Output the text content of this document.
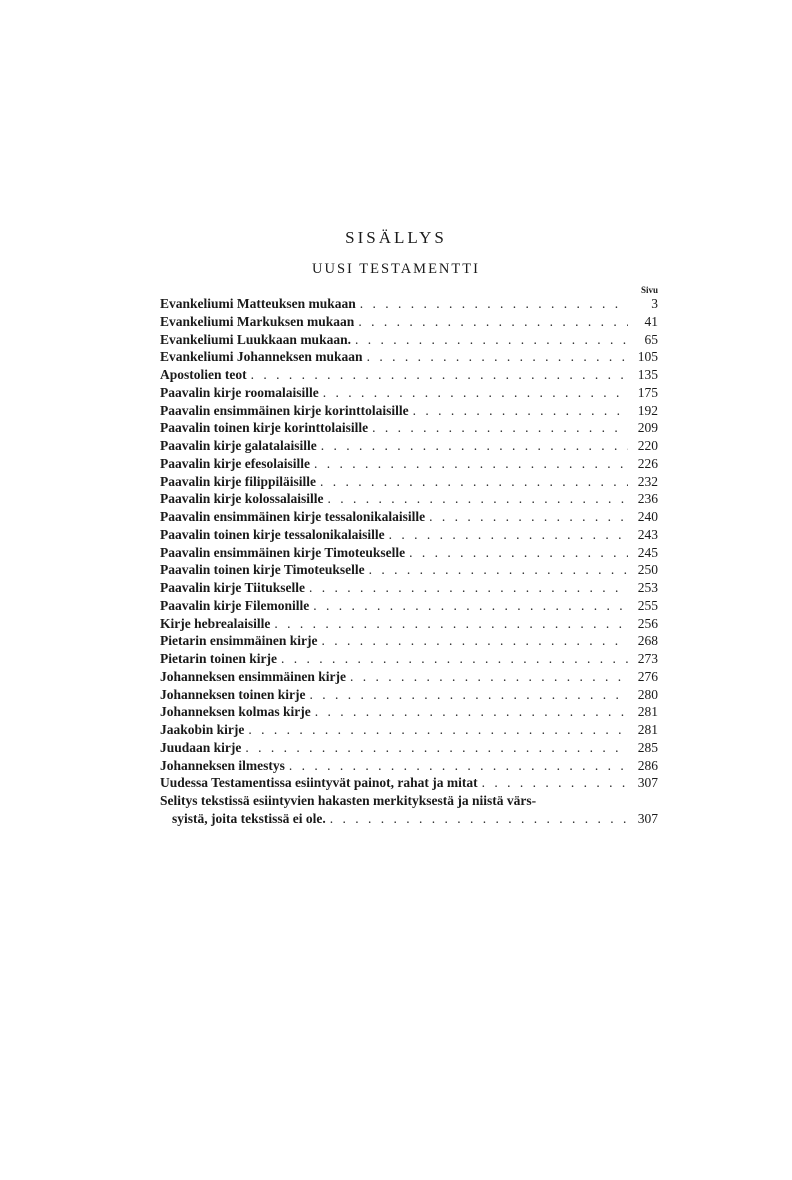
SISÄLLYS
UUSI TESTAMENTTI
Sivu
Evankeliumi Matteuksen mukaan . . .	3
Evankeliumi Markuksen mukaan . . .	41
Evankeliumi Luukkaan mukaan. . . .	65
Evankeliumi Johanneksen mukaan . . .	105
Apostolien teot . . .	135
Paavalin kirje roomalaisille . . .	175
Paavalin ensimmäinen kirje korinttolaisille . . .	192
Paavalin toinen kirje korinttolaisille . . .	209
Paavalin kirje galatalaisille . . .	220
Paavalin kirje efesolaisille . . .	226
Paavalin kirje filippiläisille . . .	232
Paavalin kirje kolossalaisille . . .	236
Paavalin ensimmäinen kirje tessalonikalaisille . . .	240
Paavalin toinen kirje tessalonikalaisille . . .	243
Paavalin ensimmäinen kirje Timoteukselle . . .	245
Paavalin toinen kirje Timoteukselle . . .	250
Paavalin kirje Tiitukselle . . .	253
Paavalin kirje Filemonille . . .	255
Kirje hebrealaisille . . .	256
Pietarin ensimmäinen kirje . . .	268
Pietarin toinen kirje . . .	273
Johanneksen ensimmäinen kirje . . .	276
Johanneksen toinen kirje . . .	280
Johanneksen kolmas kirje . . .	281
Jaakobin kirje . . .	281
Juudaan kirje . . .	285
Johanneksen ilmestys . . .	286
Uudessa Testamentissa esiintyvät painot, rahat ja mitat . . .	307
Selitys tekstissä esiintyvien hakasten merkityksestä ja niistä värs-
syistä, joita tekstissä ei ole. . . .	307
